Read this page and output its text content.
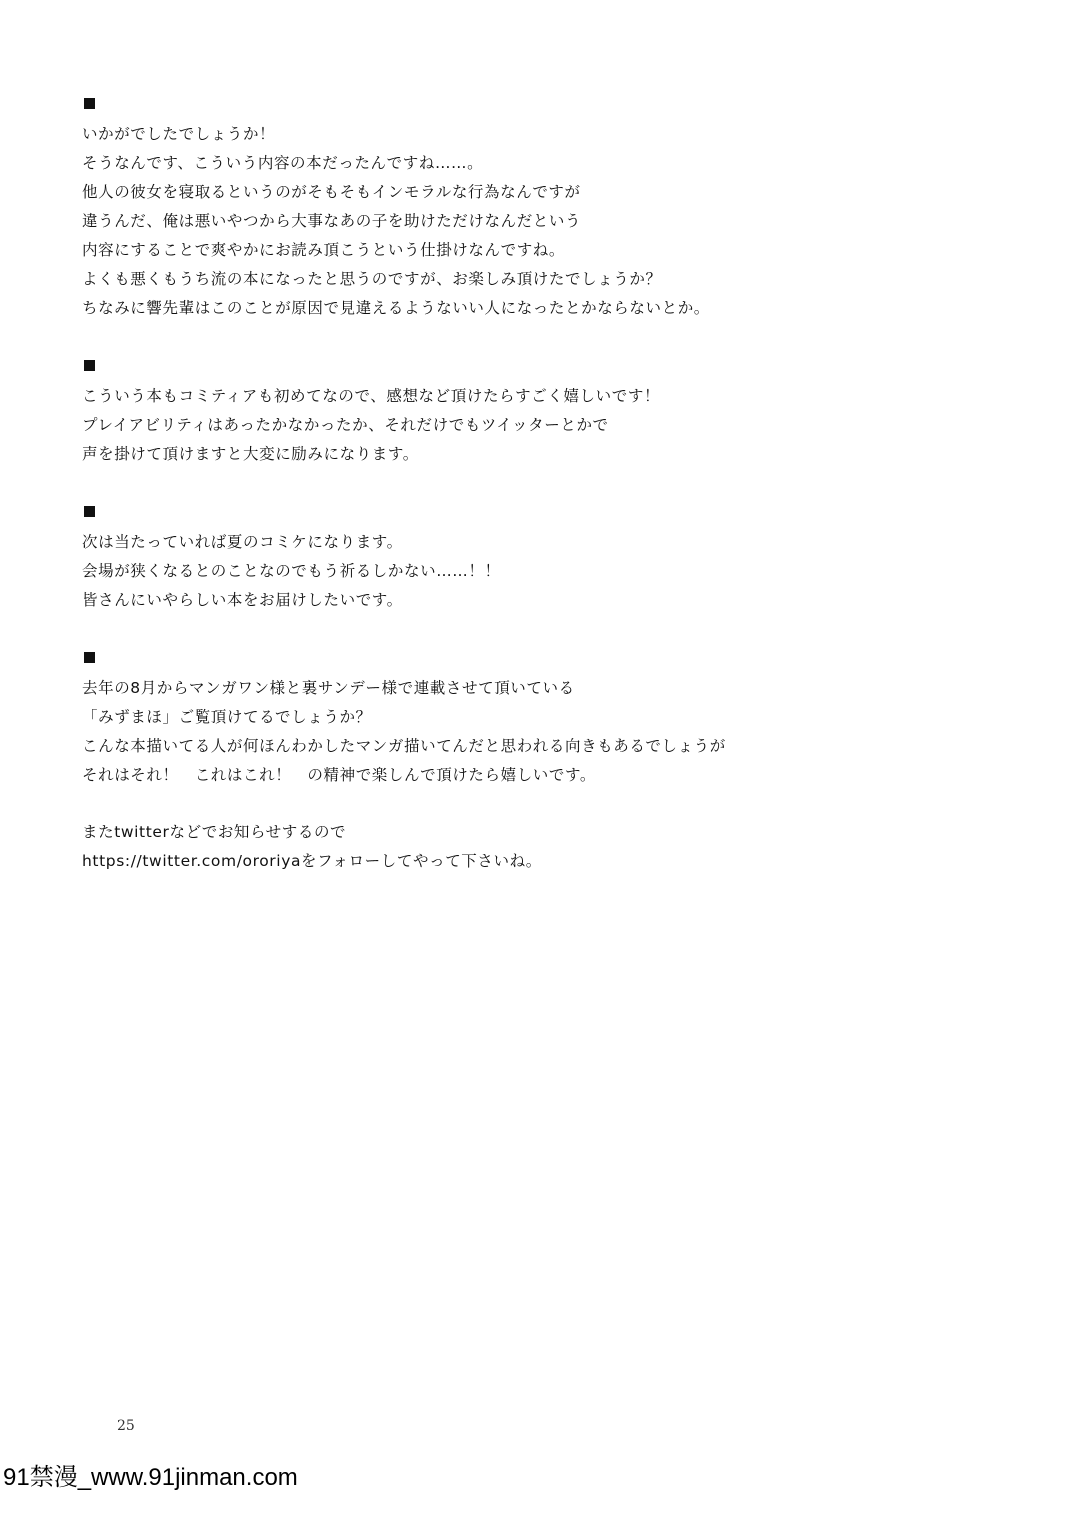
いかがでしたでしょうか！
そうなんです、こういう内容の本だったんですね……。
他人の彼女を寝取るというのがそもそもインモラルな行為なんですが
違うんだ、俺は悪いやつから大事なあの子を助けただけなんだという
内容にすることで爽やかにお読み頂こうという仕掛けなんですね。
よくも悪くもうち流の本になったと思うのですが、お楽しみ頂けたでしょうか？
ちなみに響先輩はこのことが原因で見違えるようないい人になったとかならないとか。
こういう本もコミティアも初めてなので、感想など頂けたらすごく嬉しいです！
プレイアビリティはあったかなかったか、それだけでもツイッターとかで
声を掛けて頂けますと大変に励みになります。
次は当たっていれば夏のコミケになります。
会場が狭くなるとのことなのでもう祈るしかない……！！
皆さんにいやらしい本をお届けしたいです。
去年の8月からマンガワン様と裏サンデー様で連載させて頂いている
「みずまほ」ご覧頂けてるでしょうか？
こんな本描いてる人が何ほんわかしたマンガ描いてんだと思われる向きもあるでしょうが
それはそれ！　これはこれ！　の精神で楽しんで頂けたら嬉しいです。
またtwitterなどでお知らせするので
https://twitter.com/ororiyaをフォローしてやって下さいね。
25
91禁漫_www.91jinman.com
